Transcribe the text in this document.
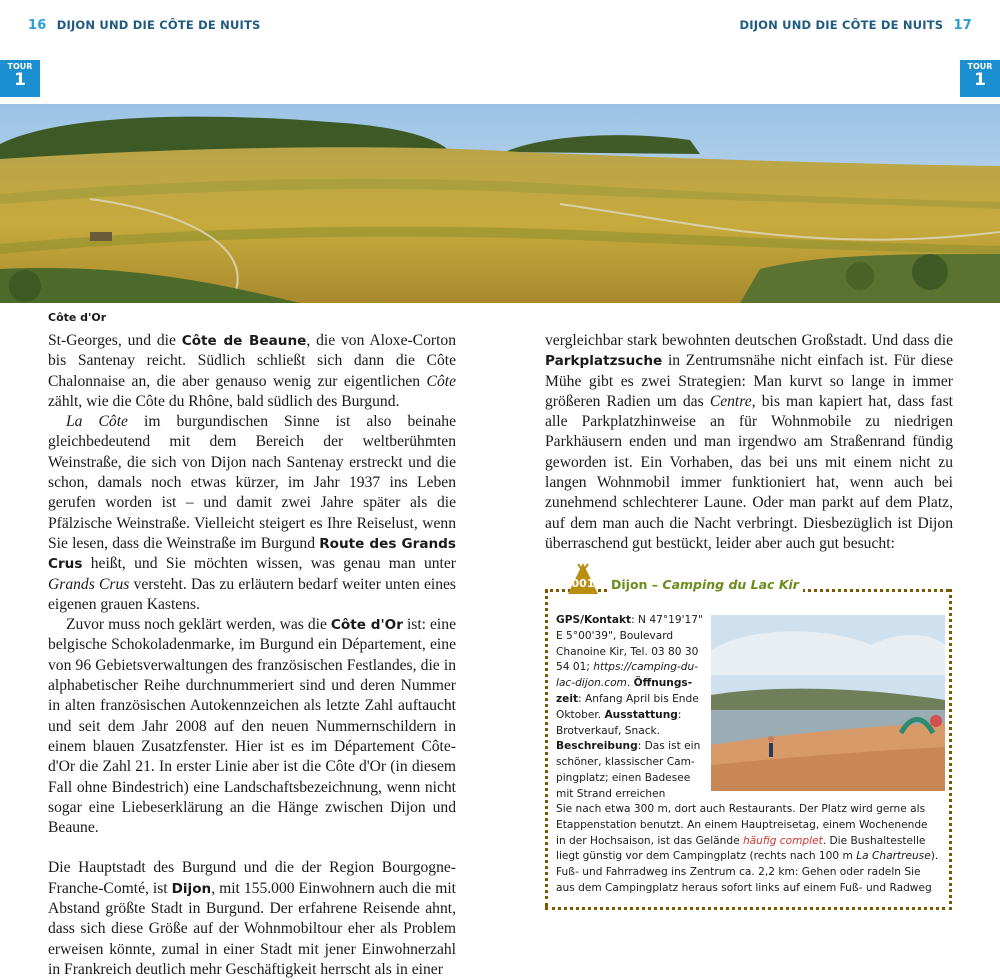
16 DIJON UND DIE CÔTE DE NUITS	DIJON UND DIE CÔTE DE NUITS 17
TOUR
1
TOUR
1
Côte d'Or

St-Georges, und die Côte de Beaune, die von Aloxe-Corton bis Santenay reicht. Südlich schließt sich dann die Côte Chalonnaise an, die aber genauso wenig zur eigentlichen Côte zählt, wie die Côte du Rhône, bald südlich des Burgund.

La Côte im burgundischen Sinne ist also beinahe gleichbedeutend mit dem Bereich der weltberühmten Weinstraße, die sich von Dijon nach Santenay erstreckt und die schon, damals noch etwas kürzer, im Jahr 1937 ins Leben gerufen worden ist – und damit zwei Jahre später als die Pfälzische Weinstraße. Vielleicht steigert es Ihre Reiselust, wenn Sie lesen, dass die Weinstraße im Burgund Route des Grands Crus heißt, und Sie möchten wissen, was genau man unter Grands Crus versteht. Das zu erläutern bedarf weiter unten eines eigenen grauen Kastens.

Zuvor muss noch geklärt werden, was die Côte d'Or ist: eine belgische Schokoladenmarke, im Burgund ein Département, eine von 96 Gebietsverwaltungen des französischen Festlandes, die in alphabetischer Reihe durchnummeriert sind und deren Nummer in alten französischen Autokennzeichen als letzte Zahl auftaucht und seit dem Jahr 2008 auf den neuen Nummernschildern in einem blauen Zusatzfenster. Hier ist es im Département Côte-d'Or die Zahl 21. In erster Linie aber ist die Côte d'Or (in diesem Fall ohne Bindestrich) eine Landschaftsbezeichnung, wenn nicht sogar eine Liebeserklärung an die Hänge zwischen Dijon und Beaune.

Die Hauptstadt des Burgund und die der Region Bourgogne-Franche-Comté, ist Dijon, mit 155.000 Einwohnern auch die mit Abstand größte Stadt in Burgund. Der erfahrene Reisende ahnt, dass sich diese Größe auf der Wohnmobiltour eher als Problem erweisen könnte, zumal in einer Stadt mit jener Einwohnerzahl in Frankreich deutlich mehr Geschäftigkeit herrscht als in einer

vergleichbar stark bewohnten deutschen Großstadt. Und dass die Parkplatzsuche in Zentrumsnähe nicht einfach ist. Für diese Mühe gibt es zwei Strategien: Man kurvt so lange in immer größeren Radien um das Centre, bis man kapiert hat, dass fast alle Parkplatzhinweise an für Wohnmobile zu niedrigen Parkhäusern enden und man irgendwo am Straßenrand fündig geworden ist. Ein Vorhaben, das bei uns mit einem nicht zu langen Wohnmobil immer funktioniert hat, wenn auch bei zunehmend schlechterer Laune. Oder man parkt auf dem Platz, auf dem man auch die Nacht verbringt. Diesbezüglich ist Dijon überraschend gut bestückt, leider aber auch gut besucht:

001	Dijon – Camping du Lac Kir
GPS/Kontakt: N 47°19'17"
E 5°00'39", Boulevard
Chanoine Kir, Tel. 03 80 30
54 01; https://camping-du-
lac-dijon.com. Öffnungs-
zeit: Anfang April bis Ende
Oktober. Ausstattung:
Brotverkauf, Snack.
Beschreibung: Das ist ein
schöner, klassischer Cam-
pingplatz; einen Badesee
mit Strand erreichen
Sie nach etwa 300 m, dort auch Restaurants. Der Platz wird gerne als
Etappenstation benutzt. An einem Hauptreisetag, einem Wochenende
in der Hochsaison, ist das Gelände häufig complet. Die Bushaltestelle
liegt günstig vor dem Campingplatz (rechts nach 100 m La Chartreuse).
Fuß- und Fahrradweg ins Zentrum ca. 2,2 km: Gehen oder radeln Sie
aus dem Campingplatz heraus sofort links auf einem Fuß- und Radweg
